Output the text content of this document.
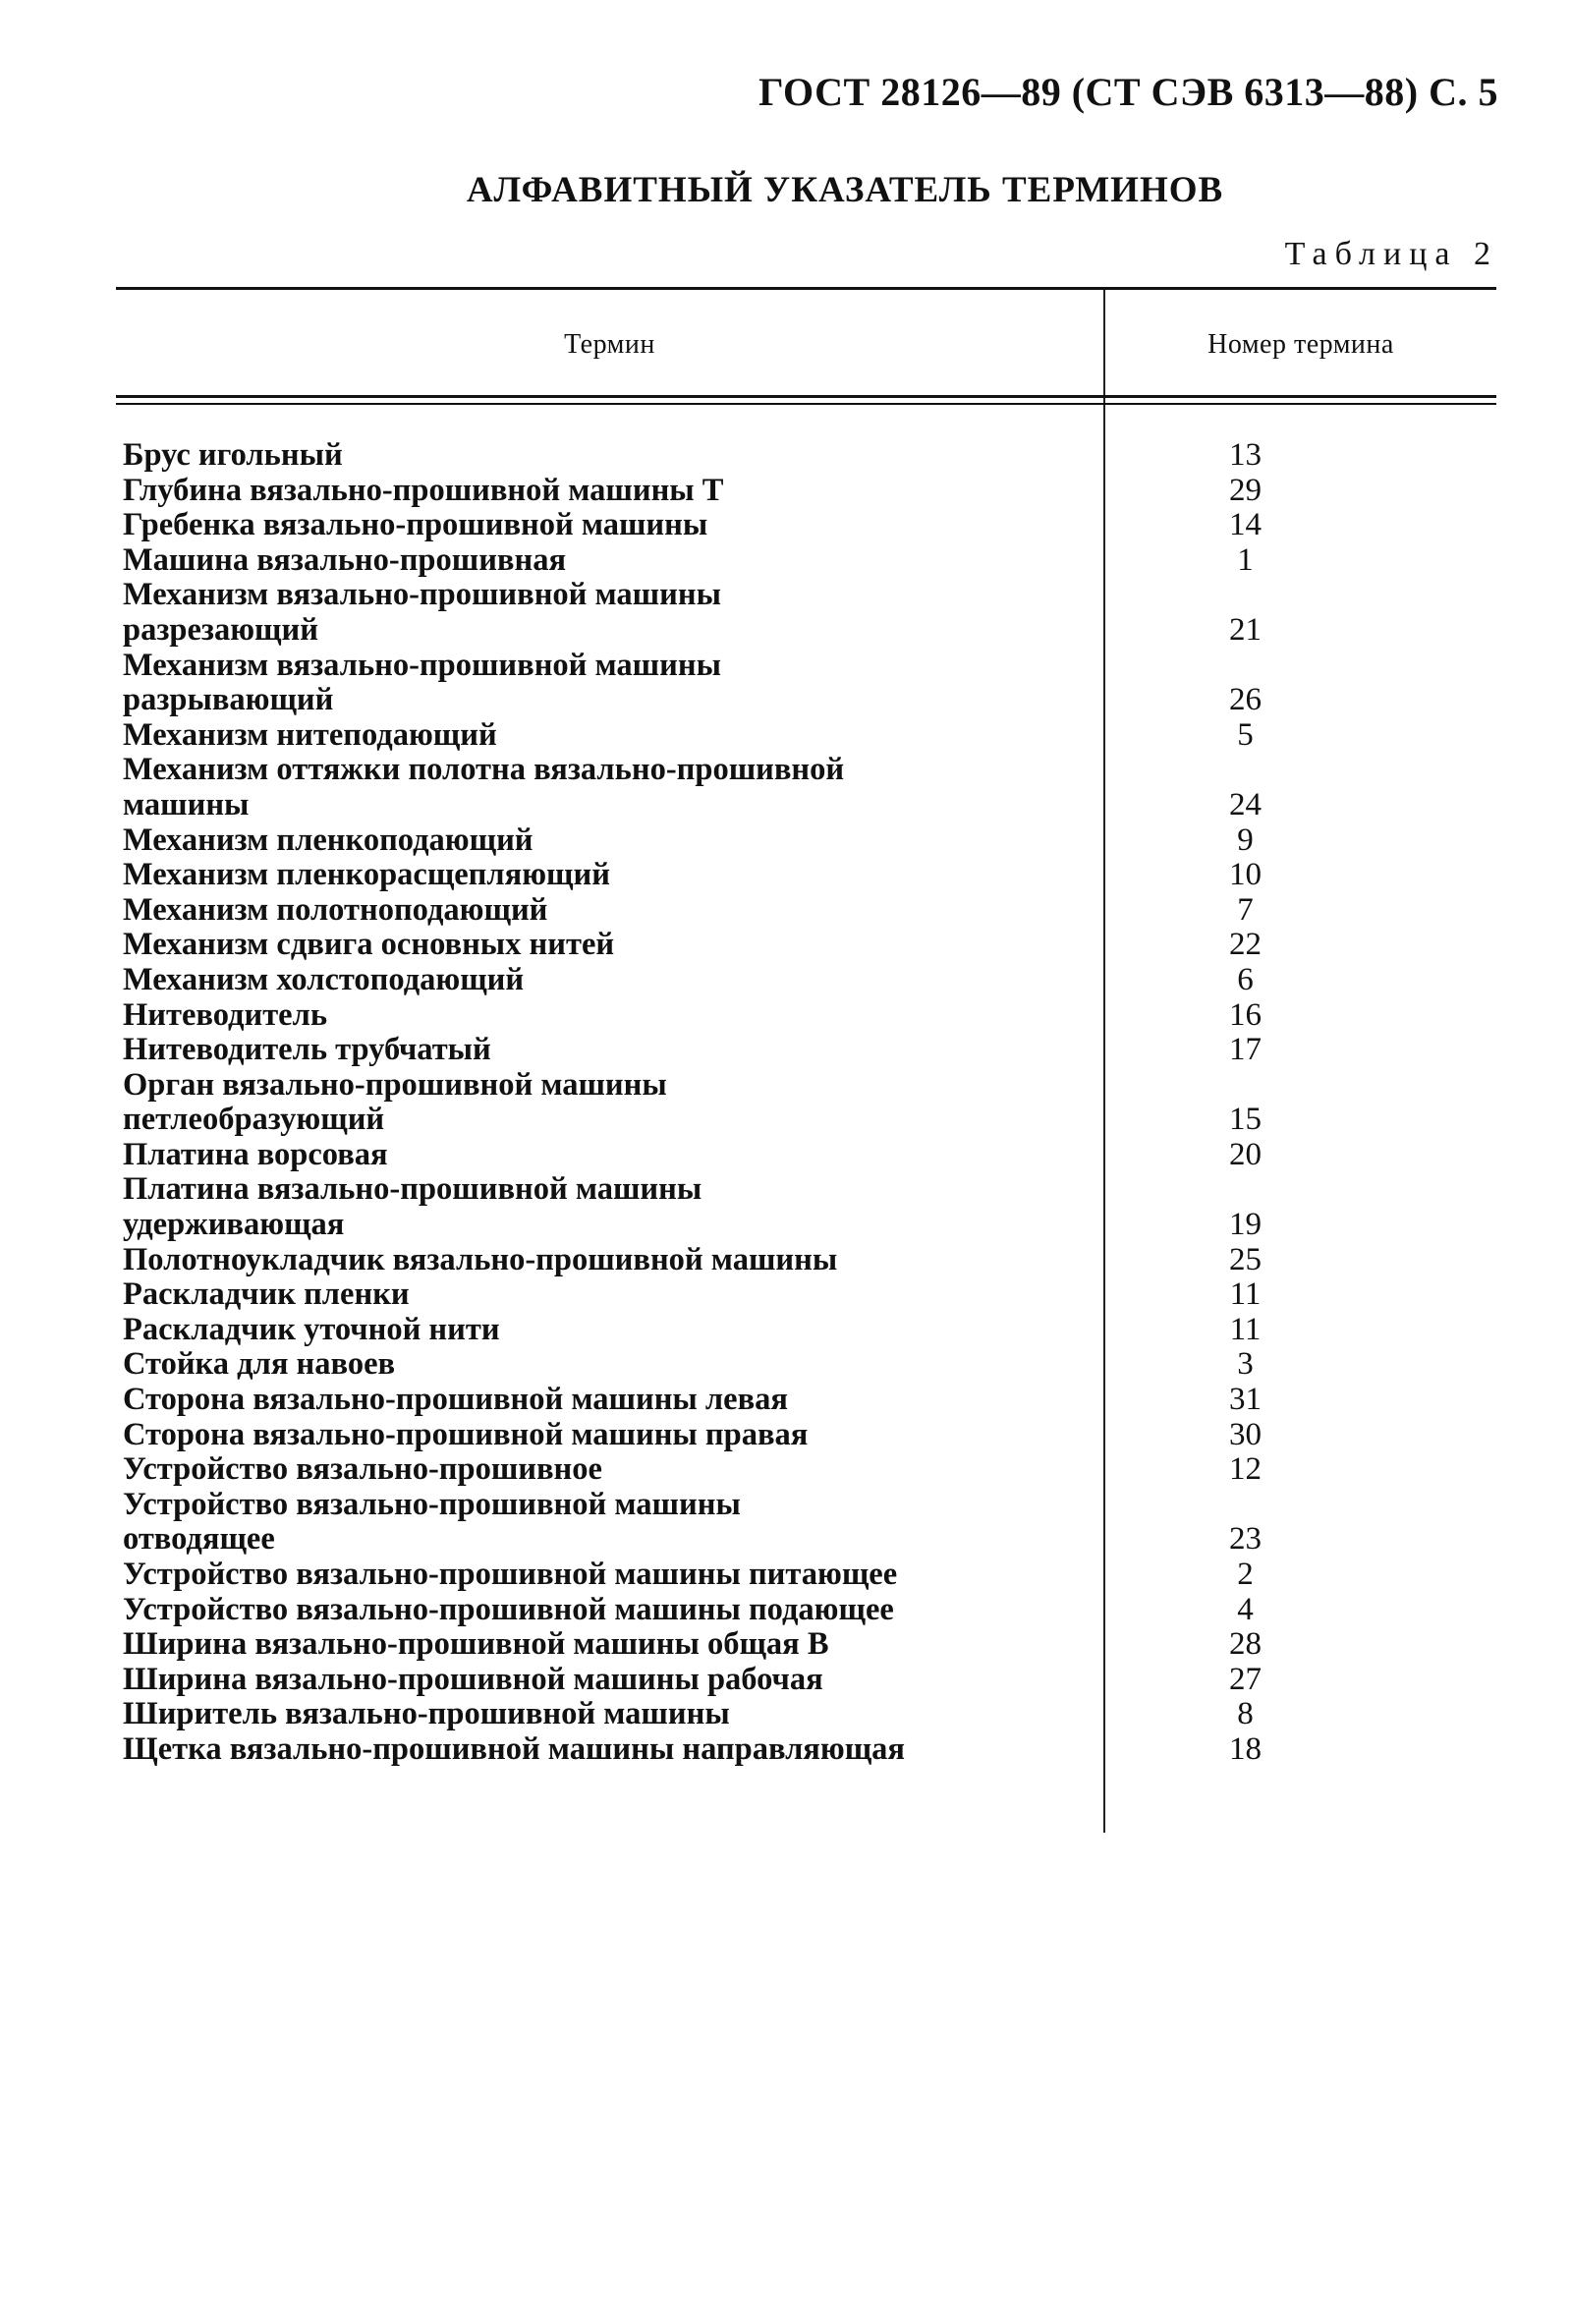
ГОСТ 28126—89 (СТ СЭВ 6313—88) С. 5
АЛФАВИТНЫЙ УКАЗАТЕЛЬ ТЕРМИНОВ
Таблица 2
Термин	Номер термина
Брус игольный	13
Глубина вязально-прошивной машины T	29
Гребенка вязально-прошивной машины	14
Машина вязально-прошивная	1
Механизм вязально-прошивной машины
разрезающий	21
Механизм вязально-прошивной машины
разрывающий	26
Механизм нитеподающий	5
Механизм оттяжки полотна вязально-прошивной
машины	24
Механизм пленкоподающий	9
Механизм пленкорасщепляющий	10
Механизм полотноподающий	7
Механизм сдвига основных нитей	22
Механизм холстоподающий	6
Нитеводитель	16
Нитеводитель трубчатый	17
Орган вязально-прошивной машины
петлеобразующий	15
Платина ворсовая	20
Платина вязально-прошивной машины
удерживающая	19
Полотноукладчик вязально-прошивной машины	25
Раскладчик пленки	11
Раскладчик уточной нити	11
Стойка для навоев	3
Сторона вязально-прошивной машины левая	31
Сторона вязально-прошивной машины правая	30
Устройство вязально-прошивное	12
Устройство вязально-прошивной машины
отводящее	23
Устройство вязально-прошивной машины питающее	2
Устройство вязально-прошивной машины подающее	4
Ширина вязально-прошивной машины общая B	28
Ширина вязально-прошивной машины рабочая	27
Ширитель вязально-прошивной машины	8
Щетка вязально-прошивной машины направляющая	18
